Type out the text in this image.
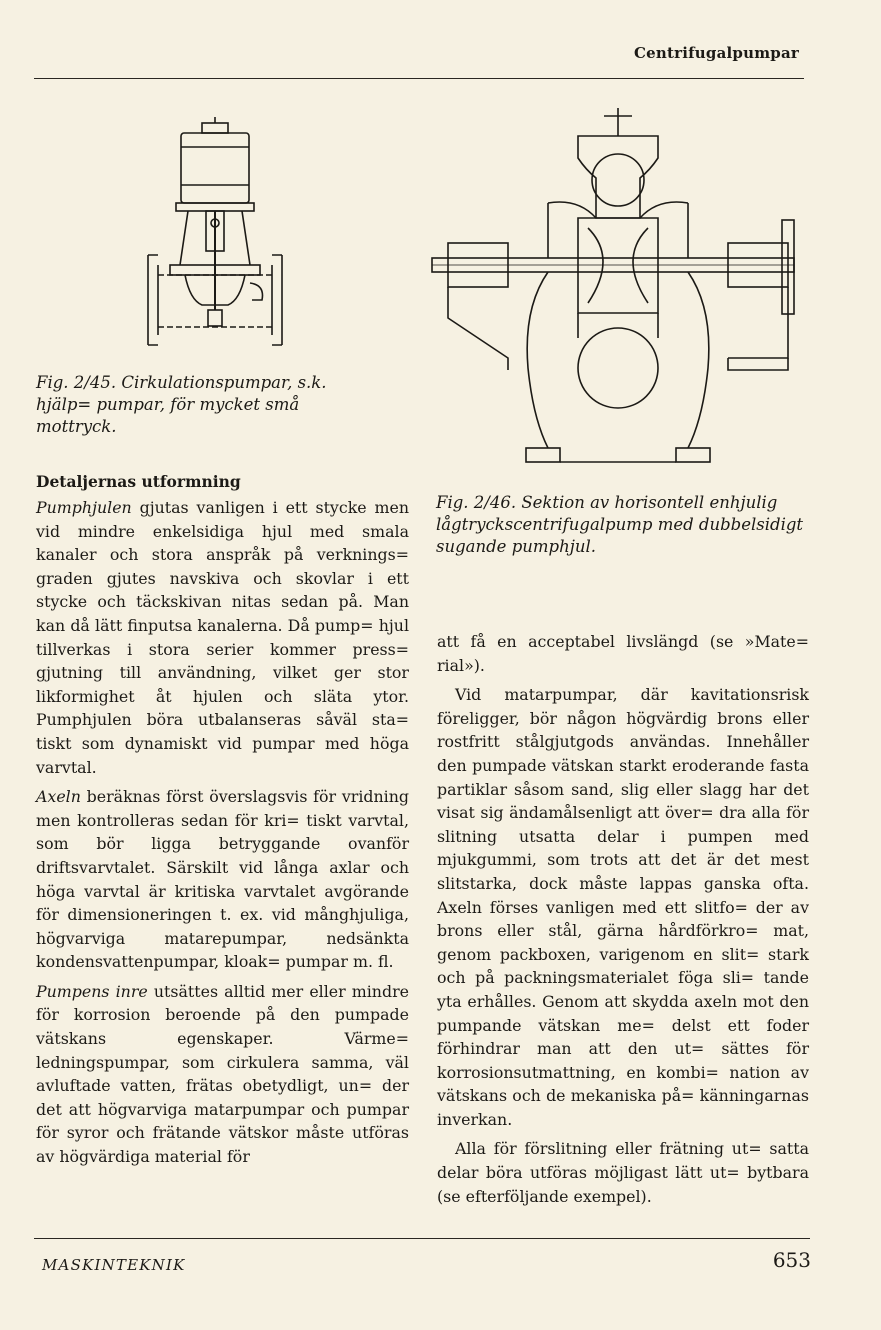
Centrifugalpumpar
Fig. 2/45. Cirkulationspumpar, s.k. hjälp= pumpar, för mycket små mottryck.
Fig. 2/46. Sektion av horisontell enhjulig lågtryckscentrifugalpump med dubbelsidigt sugande pumphjul.
Detaljernas utformning

Pumphjulen gjutas vanligen i ett stycke men vid mindre enkelsidiga hjul med smala kanaler och stora anspråk på verknings= graden gjutes navskiva och skovlar i ett stycke och täckskivan nitas sedan på. Man kan då lätt finputsa kanalerna. Då pump= hjul tillverkas i stora serier kommer press= gjutning till användning, vilket ger stor likformighet åt hjulen och släta ytor. Pumphjulen böra utbalanseras såväl sta= tiskt som dynamiskt vid pumpar med höga varvtal.

Axeln beräknas först överslagsvis för vridning men kontrolleras sedan för kri= tiskt varvtal, som bör ligga betryggande ovanför driftsvarvtalet. Särskilt vid långa axlar och höga varvtal är kritiska varvtalet avgörande för dimensioneringen t. ex. vid månghjuliga, högvarviga matarepumpar, nedsänkta kondensvattenpumpar, kloak= pumpar m. fl.

Pumpens inre utsättes alltid mer eller mindre för korrosion beroende på den pumpade vätskans egenskaper. Värme= ledningspumpar, som cirkulera samma, väl avluftade vatten, frätas obetydligt, un= der det att högvarviga matarpumpar och pumpar för syror och frätande vätskor måste utföras av högvärdiga material för

att få en acceptabel livslängd (se »Mate= rial»).

Vid matarpumpar, där kavitationsrisk föreligger, bör någon högvärdig brons eller rostfritt stålgjutgods användas. Innehåller den pumpade vätskan starkt eroderande fasta partiklar såsom sand, slig eller slagg har det visat sig ändamålsenligt att över= dra alla för slitning utsatta delar i pumpen med mjukgummi, som trots att det är det mest slitstarka, dock måste lappas ganska ofta. Axeln förses vanligen med ett slitfo= der av brons eller stål, gärna hårdförkro= mat, genom packboxen, varigenom en slit= stark och på packningsmaterialet föga sli= tande yta erhålles. Genom att skydda axeln mot den pumpande vätskan me= delst ett foder förhindrar man att den ut= sättes för korrosionsutmattning, en kombi= nation av vätskans och de mekaniska på= känningarnas inverkan.

Alla för förslitning eller frätning ut= satta delar böra utföras möjligast lätt ut= bytbara (se efterföljande exempel).

MASKINTEKNIK	653
